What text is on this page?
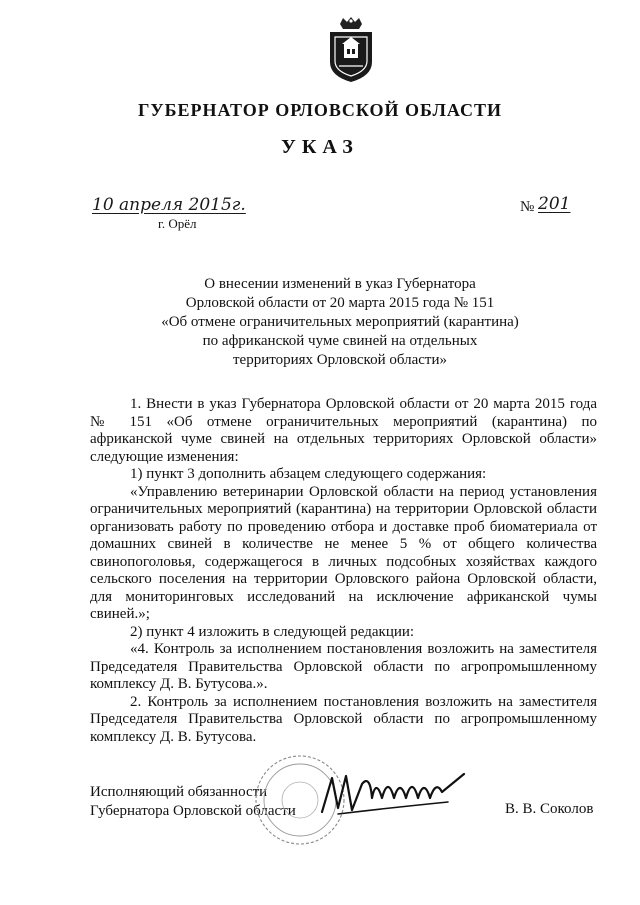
ГУБЕРНАТОР ОРЛОВСКОЙ ОБЛАСТИ
УКАЗ
10 апреля 2015г.
г. Орёл
№ 201
О внесении изменений в указ Губернатора
Орловской области от 20 марта 2015 года № 151
«Об отмене ограничительных мероприятий (карантина)
по африканской чуме свиней на отдельных
территориях Орловской области»

1. Внести в указ Губернатора Орловской области от 20 марта 2015 года № 151 «Об отмене ограничительных мероприятий (карантина) по африканской чуме свиней на отдельных территориях Орловской области» следующие изменения:

1) пункт 3 дополнить абзацем следующего содержания:

«Управлению ветеринарии Орловской области на период установления ограничительных мероприятий (карантина) на территории Орловской области организовать работу по проведению отбора и доставке проб биоматериала от домашних свиней в количестве не менее 5 % от общего количества свинопоголовья, содержащегося в личных подсобных хозяйствах каждого сельского поселения на территории Орловского района Орловской области, для мониторинговых исследований на исключение африканской чумы свиней.»;

2) пункт 4 изложить в следующей редакции:

«4. Контроль за исполнением постановления возложить на заместителя Председателя Правительства Орловской области по агропромышленному комплексу Д. В. Бутусова.».

2. Контроль за исполнением постановления возложить на заместителя Председателя Правительства Орловской области по агропромышленному комплексу Д. В. Бутусова.

Исполняющий обязанности
Губернатора Орловской области	В. В. Соколов
